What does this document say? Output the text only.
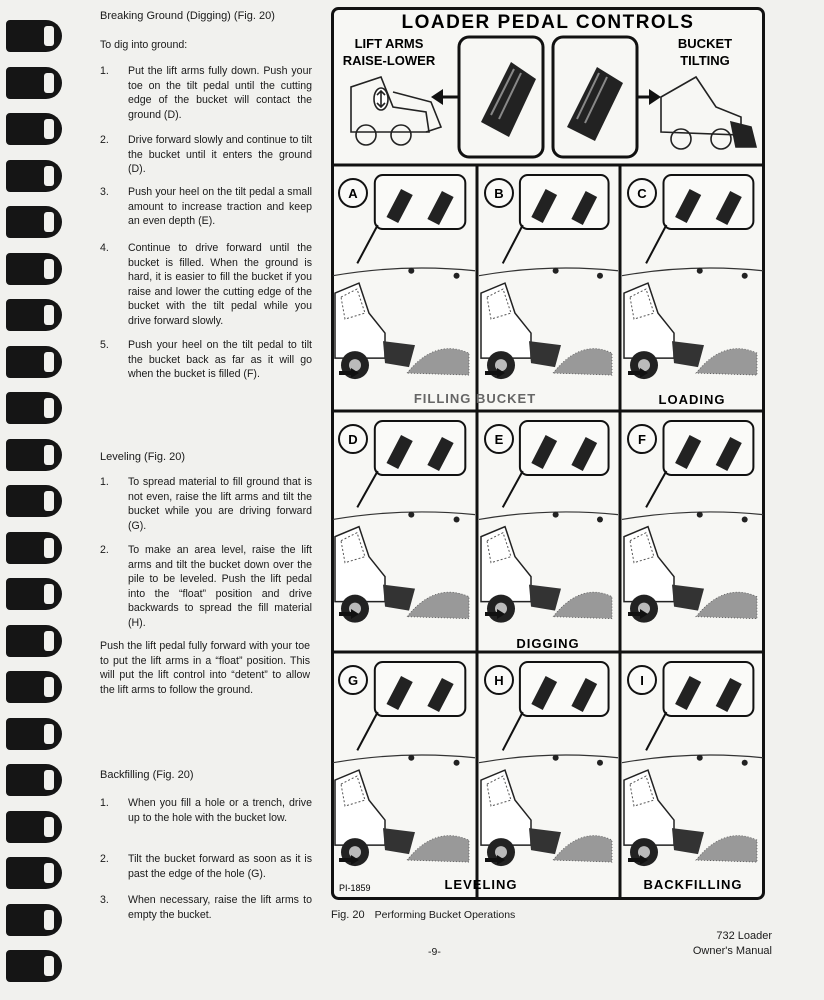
Breaking Ground (Digging) (Fig. 20)
To dig into ground:
1. Put the lift arms fully down. Push your toe on the tilt pedal until the cutting edge of the bucket will contact the ground (D).
2. Drive forward slowly and continue to tilt the bucket until it enters the ground (D).
3. Push your heel on the tilt pedal a small amount to increase traction and keep an even depth (E).
4. Continue to drive forward until the bucket is filled. When the ground is hard, it is easier to fill the bucket if you raise and lower the cutting edge of the bucket with the tilt pedal while you drive forward slowly.
5. Push your heel on the tilt pedal to tilt the bucket back as far as it will go when the bucket is filled (F).
Leveling (Fig. 20)
1. To spread material to fill ground that is not even, raise the lift arms and tilt the bucket while you are driving forward (G).
2. To make an area level, raise the lift arms and tilt the bucket down over the pile to be leveled. Push the lift pedal into the “float” position and drive backwards to spread the fill material (H).
Push the lift pedal fully forward with your toe to put the lift arms in a “float” position. This will put the lift control into “detent” to allow the lift arms to follow the ground.
Backfilling (Fig. 20)
1. When you fill a hole or a trench, drive up to the hole with the bucket low.
2. Tilt the bucket forward as soon as it is past the edge of the hole (G).
3. When necessary, raise the lift arms to empty the bucket.
LOADER PEDAL CONTROLS
LIFT ARMS
RAISE-LOWER
BUCKET
TILTING
A	B	C
D	E	F
G	H	I
FILLING BUCKET	LOADING
DIGGING
LEVELING	BACKFILLING
PI-1859
Fig. 20 Performing Bucket Operations
-9-
732 Loader
Owner's Manual
